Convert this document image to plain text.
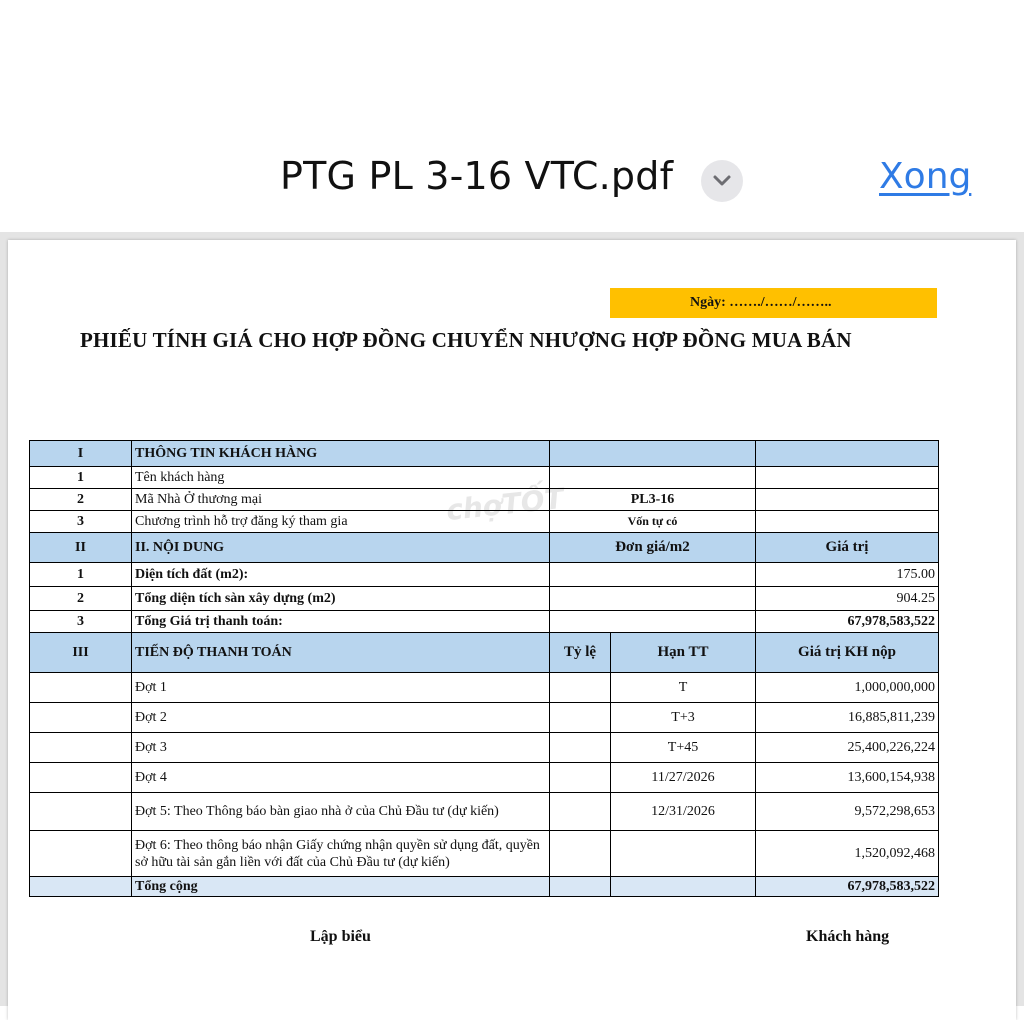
PTG PL 3-16 VTC.pdf	Xong
Ngày: ……./……/……..
PHIẾU TÍNH GIÁ CHO HỢP ĐỒNG CHUYỂN NHƯỢNG HỢP ĐỒNG MUA BÁN
chợTỐT
I	THÔNG TIN KHÁCH HÀNG			
1	Tên khách hàng			
2	Mã Nhà Ở thương mại	PL3-16		
3	Chương trình hỗ trợ đăng ký tham gia	Vốn tự có		
II	II. NỘI DUNG	Đơn giá/m2		Giá trị
1	Diện tích đất (m2):			175.00
2	Tổng diện tích sàn xây dựng (m2)			904.25
3	Tổng Giá trị thanh toán:			67,978,583,522
III	TIẾN ĐỘ THANH TOÁN	Tỷ lệ	Hạn TT	Giá trị KH nộp
	Đợt 1		T	1,000,000,000
	Đợt 2		T+3	16,885,811,239
	Đợt 3		T+45	25,400,226,224
	Đợt 4		11/27/2026	13,600,154,938
	Đợt 5: Theo Thông báo bàn giao nhà ở của Chủ Đầu tư (dự kiến)		12/31/2026	9,572,298,653
	Đợt 6: Theo thông báo nhận Giấy chứng nhận quyền sử dụng đất, quyền sở hữu tài sản gắn liền với đất của Chủ Đầu tư (dự kiến)			1,520,092,468
	Tổng cộng			67,978,583,522
Lập biểu	Khách hàng
